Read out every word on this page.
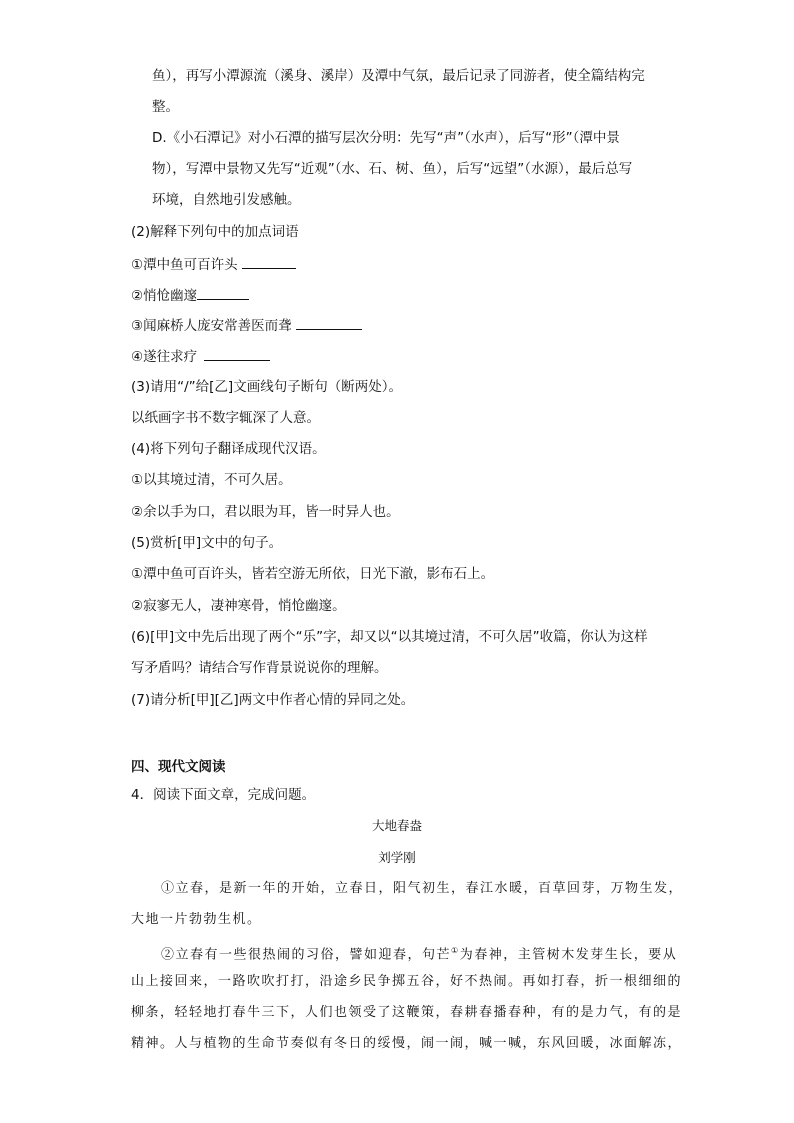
鱼），再写小潭源流（溪身、溪岸）及潭中气氛，最后记录了同游者，使全篇结构完
整。
D.《小石潭记》对小石潭的描写层次分明：先写“声”（水声），后写“形”（潭中景
物），写潭中景物又先写“近观”（水、石、树、鱼），后写“远望”（水源），最后总写
环境，自然地引发感触。
(2)解释下列句中的加点词语
①潭中鱼可百许头
②悄怆幽邃
③闻麻桥人庞安常善医而聋
④遂往求疗
(3)请用“/”给[乙]文画线句子断句（断两处）。
以纸画字书不数字辄深了人意。
(4)将下列句子翻译成现代汉语。
①以其境过清，不可久居。
②余以手为口，君以眼为耳，皆一时异人也。
(5)赏析[甲]文中的句子。
①潭中鱼可百许头，皆若空游无所依，日光下澈，影布石上。
②寂寥无人，凄神寒骨，悄怆幽邃。
(6)[甲]文中先后出现了两个“乐”字，却又以“以其境过清，不可久居”收篇，你认为这样
写矛盾吗？请结合写作背景说说你的理解。
(7)请分析[甲][乙]两文中作者心情的异同之处。
四、现代文阅读
4．阅读下面文章，完成问题。
大地春盎
刘学刚
①立春，是新一年的开始，立春日，阳气初生，春江水暖，百草回芽，万物生发，
大地一片勃勃生机。
②立春有一些很热闹的习俗，譬如迎春，句芒①为春神，主管树木发芽生长，要从
山上接回来，一路吹吹打打，沿途乡民争掷五谷，好不热闹。再如打春，折一根细细的
柳条，轻轻地打春牛三下，人们也领受了这鞭策，春耕春播春种，有的是力气，有的是
精神。人与植物的生命节奏似有冬日的绥慢，闹一闹，喊一喊，东风回暖，冰面解冻，
